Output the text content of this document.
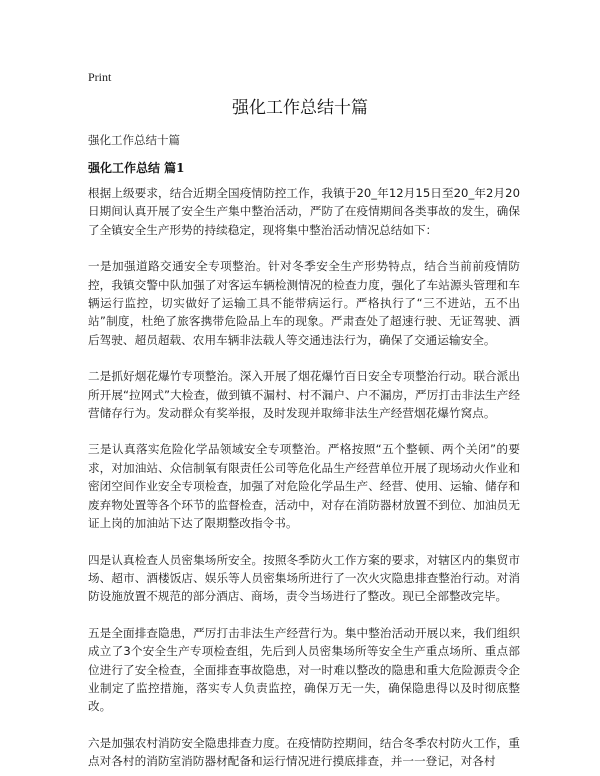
Print
强化工作总结十篇
强化工作总结十篇
强化工作总结 篇1

根据上级要求，结合近期全国疫情防控工作，我镇于20_年12月15日至20_年2月20日期间认真开展了安全生产集中整治活动，严防了在疫情期间各类事故的发生，确保了全镇安全生产形势的持续稳定，现将集中整治活动情况总结如下：

一是加强道路交通安全专项整治。针对冬季安全生产形势特点，结合当前前疫情防控，我镇交警中队加强了对客运车辆检测情况的检查力度，强化了车站源头管理和车辆运行监控，切实做好了运输工具不能带病运行。严格执行了“三不进站，五不出站”制度，杜绝了旅客携带危险品上车的现象。严肃查处了超速行驶、无证驾驶、酒后驾驶、超员超载、农用车辆非法载人等交通违法行为，确保了交通运输安全。

二是抓好烟花爆竹专项整治。深入开展了烟花爆竹百日安全专项整治行动。联合派出所开展“拉网式”大检查，做到镇不漏村、村不漏户、户不漏房，严厉打击非法生产经营储存行为。发动群众有奖举报，及时发现并取缔非法生产经营烟花爆竹窝点。

三是认真落实危险化学品领域安全专项整治。严格按照“五个整顿、两个关闭”的要求，对加油站、众信制氧有限责任公司等危化品生产经营单位开展了现场动火作业和密闭空间作业安全专项检查，加强了对危险化学品生产、经营、使用、运输、储存和废弃物处置等各个环节的监督检查，活动中，对存在消防器材放置不到位、加油员无证上岗的加油站下达了限期整改指令书。

四是认真检查人员密集场所安全。按照冬季防火工作方案的要求，对辖区内的集贸市场、超市、酒楼饭店、娱乐等人员密集场所进行了一次火灾隐患排查整治行动。对消防设施放置不规范的部分酒店、商场，责令当场进行了整改。现已全部整改完毕。

五是全面排查隐患，严厉打击非法生产经营行为。集中整治活动开展以来，我们组织成立了3个安全生产专项检查组，先后到人员密集场所等安全生产重点场所、重点部位进行了安全检查，全面排查事故隐患，对一时难以整改的隐患和重大危险源责令企业制定了监控措施，落实专人负责监控，确保万无一失，确保隐患得以及时彻底整改。

六是加强农村消防安全隐患排查力度。在疫情防控期间，结合冬季农村防火工作，重点对各村的消防室消防器材配备和运行情况进行摸底排查，并一一登记，对各村
